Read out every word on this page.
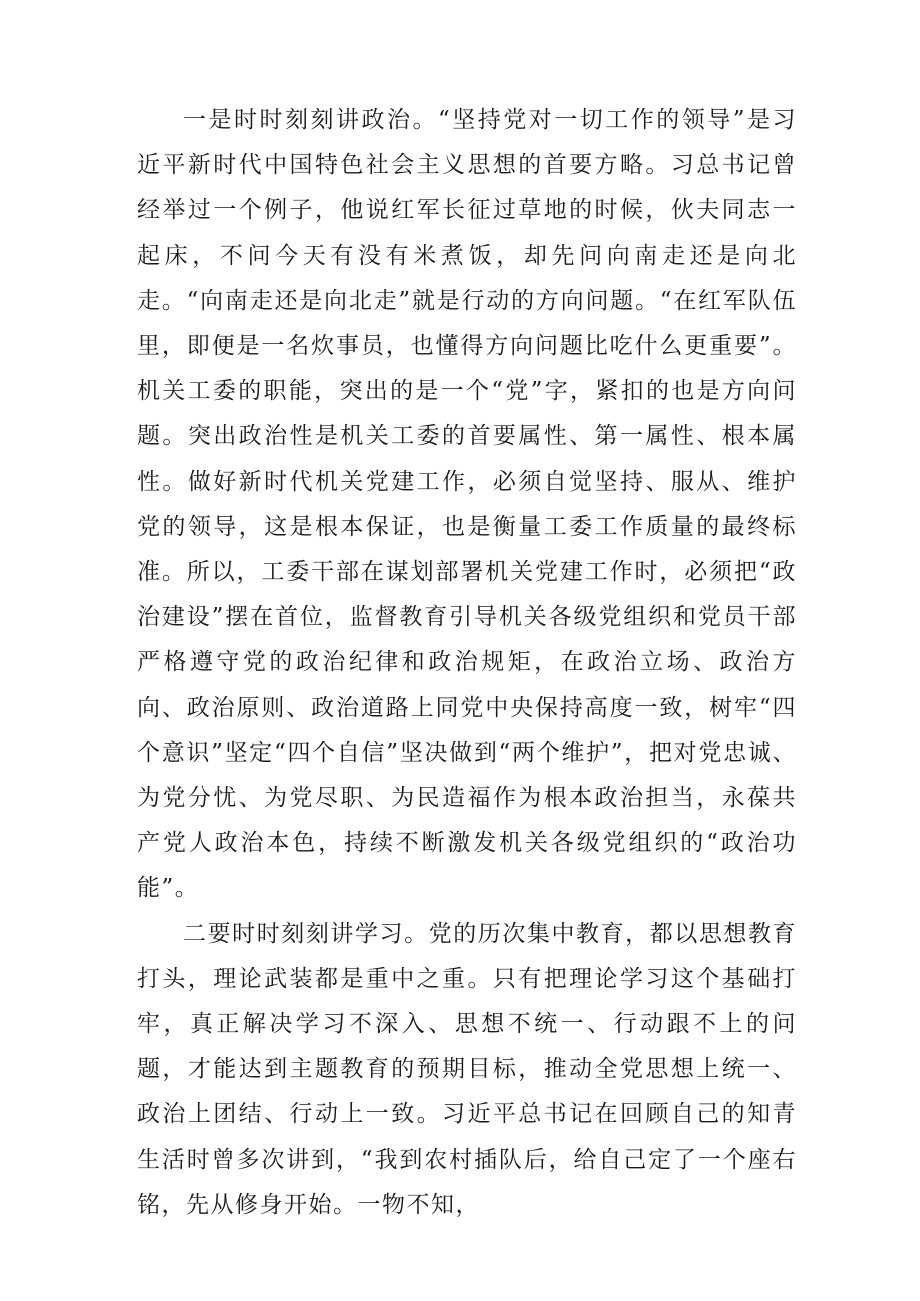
一是时时刻刻讲政治。“坚持党对一切工作的领导”是习近平新时代中国特色社会主义思想的首要方略。习总书记曾经举过一个例子，他说红军长征过草地的时候，伙夫同志一起床，不问今天有没有米煮饭，却先问向南走还是向北走。“向南走还是向北走”就是行动的方向问题。“在红军队伍里，即便是一名炊事员，也懂得方向问题比吃什么更重要”。机关工委的职能，突出的是一个“党”字，紧扣的也是方向问题。突出政治性是机关工委的首要属性、第一属性、根本属性。做好新时代机关党建工作，必须自觉坚持、服从、维护党的领导，这是根本保证，也是衡量工委工作质量的最终标准。所以，工委干部在谋划部署机关党建工作时，必须把“政治建设”摆在首位，监督教育引导机关各级党组织和党员干部严格遵守党的政治纪律和政治规矩，在政治立场、政治方向、政治原则、政治道路上同党中央保持高度一致，树牢“四个意识”坚定“四个自信”坚决做到“两个维护”，把对党忠诚、为党分忧、为党尽职、为民造福作为根本政治担当，永葆共产党人政治本色，持续不断激发机关各级党组织的“政治功能”。

二要时时刻刻讲学习。党的历次集中教育，都以思想教育打头，理论武装都是重中之重。只有把理论学习这个基础打牢，真正解决学习不深入、思想不统一、行动跟不上的问题，才能达到主题教育的预期目标，推动全党思想上统一、政治上团结、行动上一致。习近平总书记在回顾自己的知青生活时曾多次讲到，“我到农村插队后，给自己定了一个座右铭，先从修身开始。一物不知，
